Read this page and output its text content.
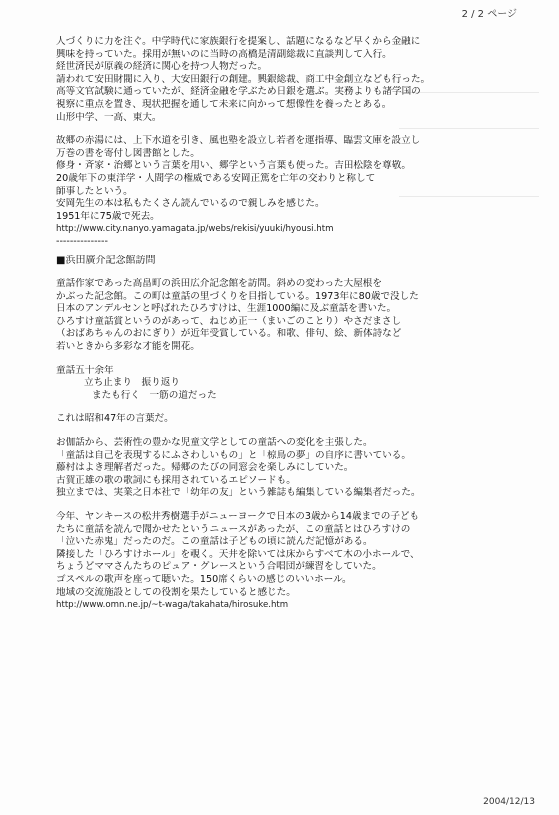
2 / 2 ページ
人づくりに力を注ぐ。中学時代に家族銀行を提案し、話題になるなど早くから金融に
興味を持っていた。採用が無いのに当時の高橋是清副総裁に直談判して入行。
経世済民が原義の経済に関心を持つ人物だった。
請われて安田財閥に入り、大安田銀行の創建。興銀総裁、商工中金創立なども行った。
高等文官試験に通っていたが、経済金融を学ぶため日銀を選ぶ。実務よりも諸学国の
視察に重点を置き、現状把握を通して未来に向かって想像性を養ったとある。
山形中学、一高、東大。
故郷の赤湯には、上下水道を引き、風也塾を設立し若者を運指導、臨雲文庫を設立し
万巻の書を寄付し図書館とした。
修身・斉家・治郷という言葉を用い、郷学という言葉も使った。吉田松陰を尊敬。
20歳年下の東洋学・人間学の権威である安岡正篤を亡年の交わりと称して
師事したという。
安岡先生の本は私もたくさん読んでいるので親しみを感じた。
1951年に75歳で死去。
http://www.city.nanyo.yamagata.jp/webs/rekisi/yuuki/hyousi.htm
---------------
■浜田廣介記念館訪問
童話作家であった高畠町の浜田広介記念館を訪問。斜めの変わった大屋根を
かぶった記念館。この町は童話の里づくりを目指している。1973年に80歳で没した
日本のアンデルセンと呼ばれたひろすけは、生涯1000編に及ぶ童話を書いた。
ひろすけ童話賞というのがあって、ねじめ正一（まいごのことり）やさだまさし
（おばあちゃんのおにぎり）が近年受賞している。和歌、俳句、絵、新体詩など
若いときから多彩な才能を開花。
童話五十余年
立ち止まり　振り返り
またも行く　一筋の道だった
これは昭和47年の言葉だ。
お伽話から、芸術性の豊かな児童文学としての童話への変化を主張した。
「童話は自己を表現するにふさわしいもの」と「椋鳥の夢」の自序に書いている。
藤村はよき理解者だった。帰郷のたびの同窓会を楽しみにしていた。
古賀正雄の歌の歌詞にも採用されているエピソードも。
独立までは、実業之日本社で「幼年の友」という雑誌も編集している編集者だった。
今年、ヤンキースの松井秀樹選手がニューヨークで日本の3歳から14歳までの子ども
たちに童話を読んで聞かせたというニュースがあったが、この童話とはひろすけの
「泣いた赤鬼」だったのだ。この童話は子どもの頃に読んだ記憶がある。
隣接した「ひろすけホール」を覗く。天井を除いては床からすべて木の小ホールで、
ちょうどママさんたちのピュア・グレースという合唱団が練習をしていた。
ゴスペルの歌声を座って聴いた。150席くらいの感じのいいホール。
地域の交流施設としての役割を果たしていると感じた。
http://www.omn.ne.jp/~t-waga/takahata/hirosuke.htm
2004/12/13
